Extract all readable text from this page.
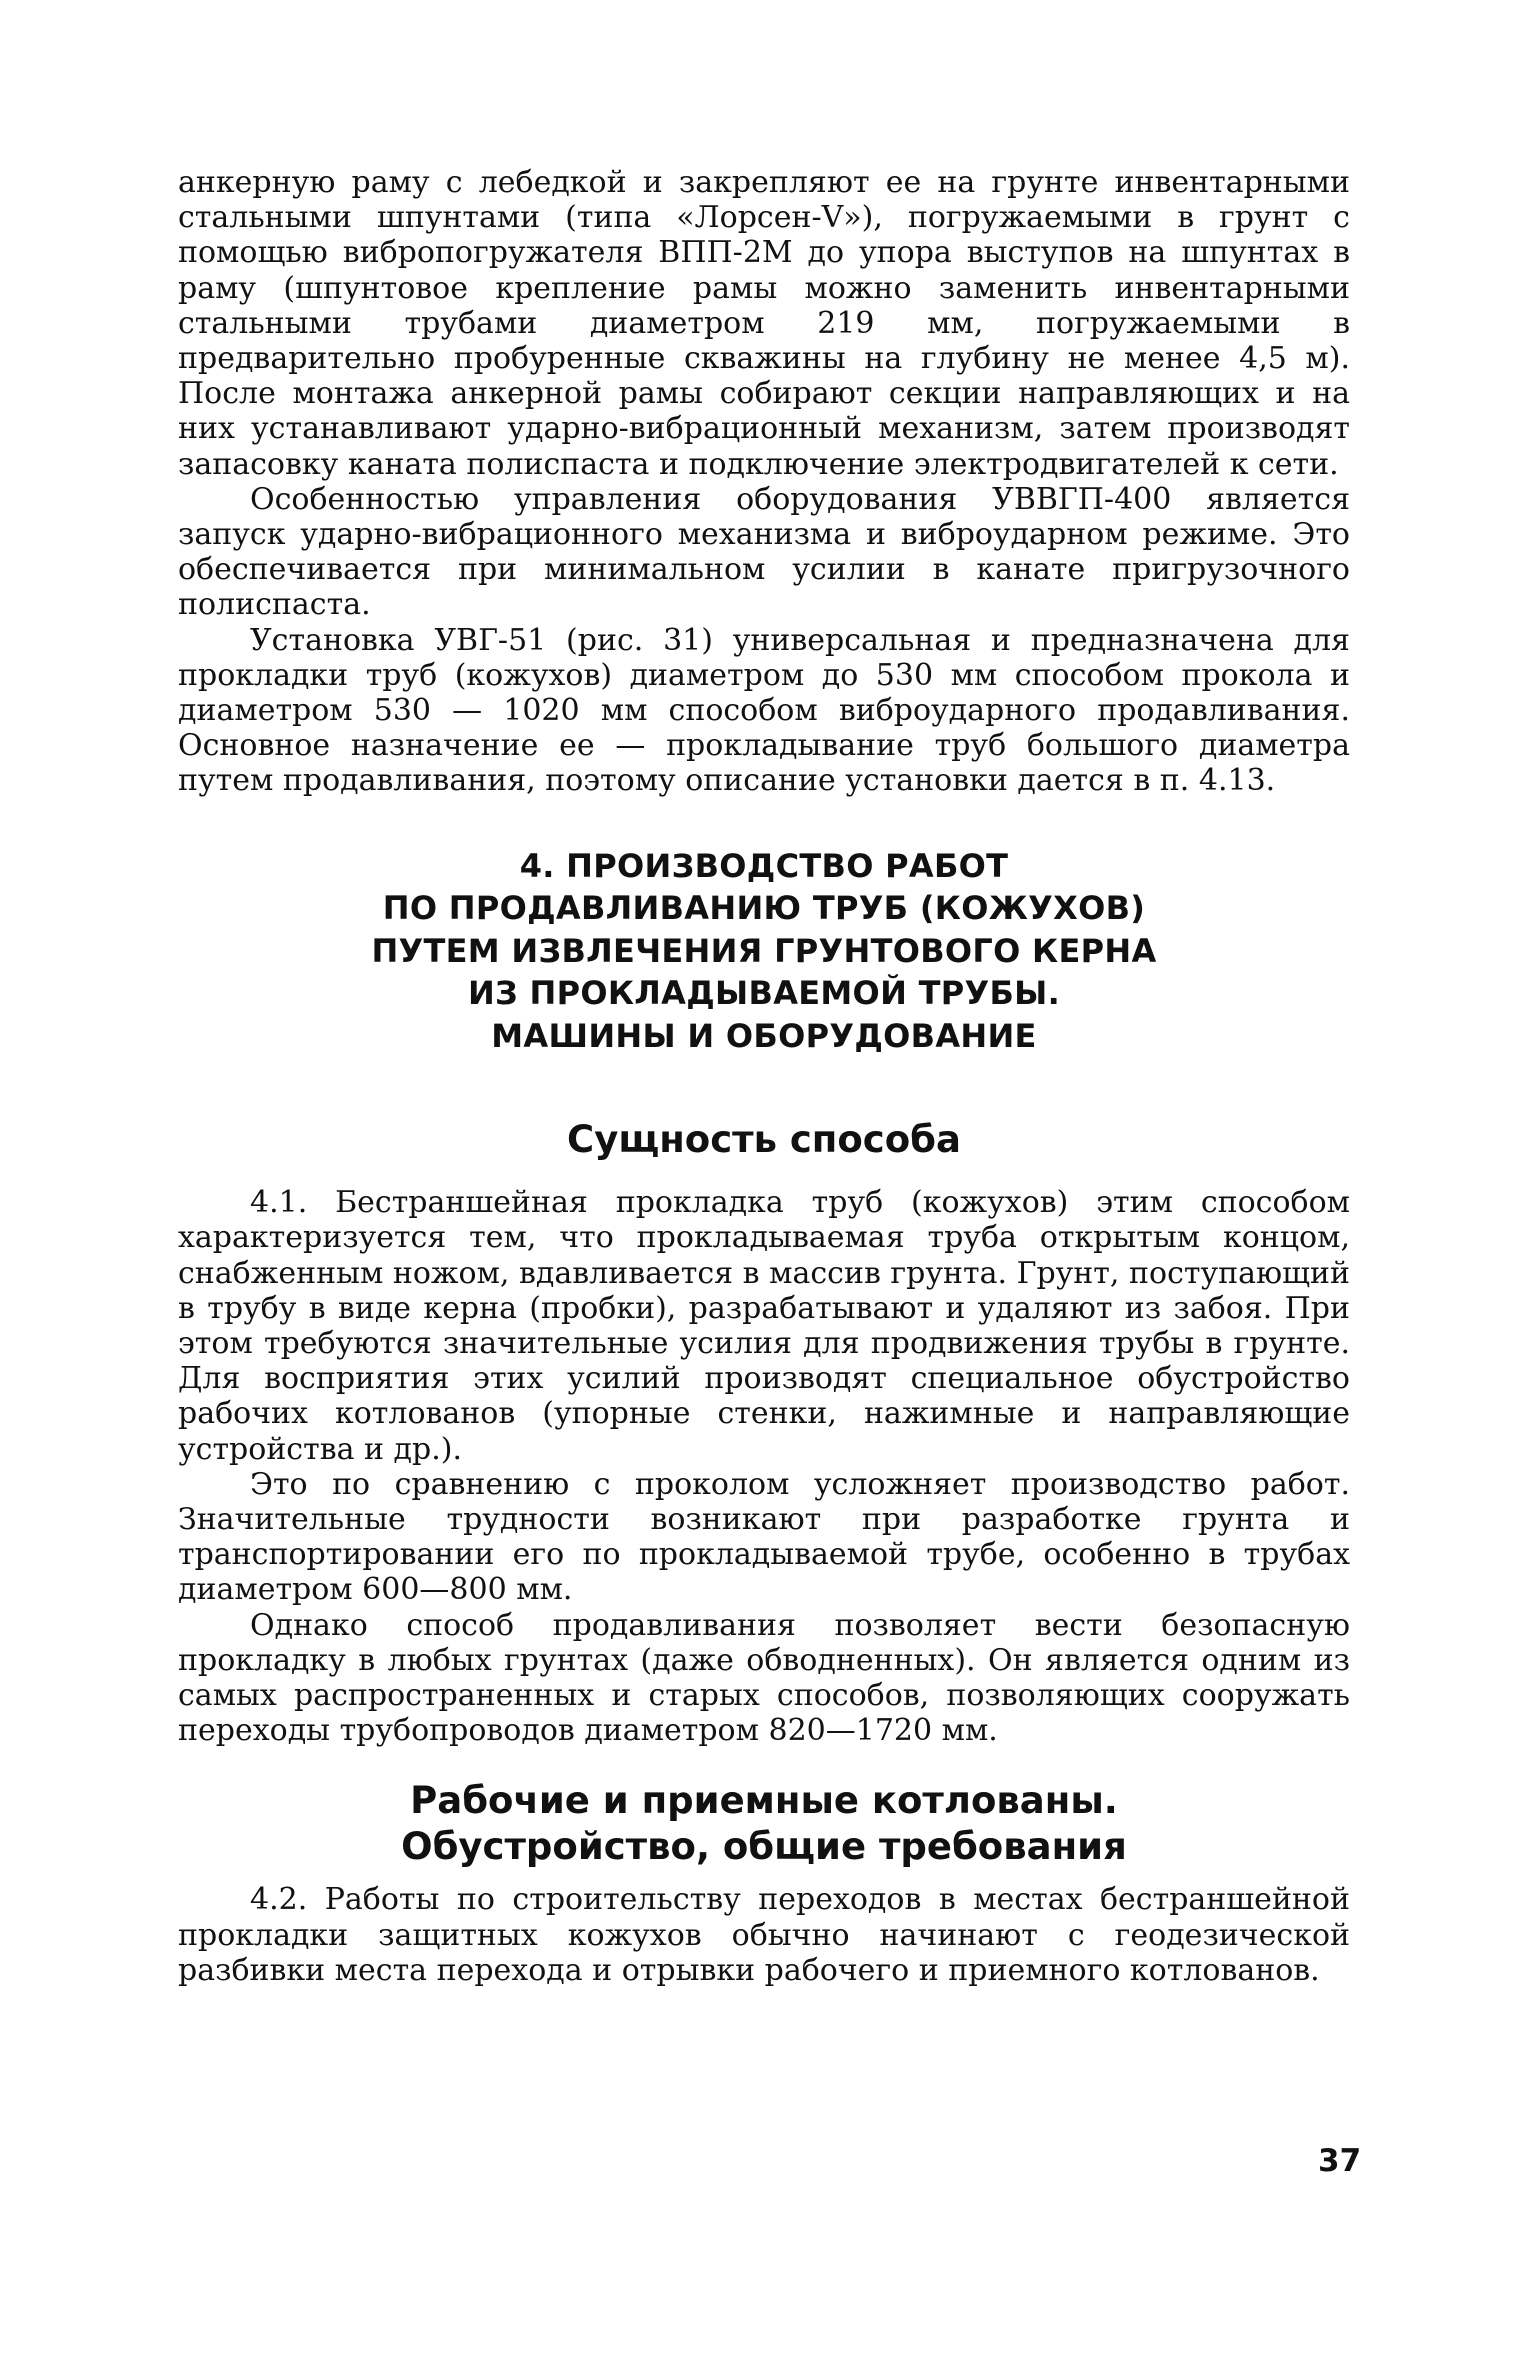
анкерную раму с лебедкой и закрепляют ее на грунте инвентарными стальными шпунтами (типа «Лорсен-V»), погружаемыми в грунт с помощью вибропогружателя ВПП-2М до упора выступов на шпунтах в раму (шпунтовое крепление рамы можно заменить инвентарными стальными трубами диаметром 219 мм, погружаемыми в предварительно пробуренные скважины на глубину не менее 4,5 м). После монтажа анкерной рамы собирают секции направляющих и на них устанавливают ударно-вибрационный механизм, затем производят запасовку каната полиспаста и подключение электродвигателей к сети.

Особенностью управления оборудования УВВГП-400 является запуск ударно-вибрационного механизма и виброударном режиме. Это обеспечивается при минимальном усилии в канате пригрузочного полиспаста.

Установка УВГ-51 (рис. 31) универсальная и предназначена для прокладки труб (кожухов) диаметром до 530 мм способом прокола и диаметром 530 — 1020 мм способом виброударного продавливания. Основное назначение ее — прокладывание труб большого диаметра путем продавливания, поэтому описание установки дается в п. 4.13.

4. ПРОИЗВОДСТВО РАБОТ
ПО ПРОДАВЛИВАНИЮ ТРУБ (КОЖУХОВ)
ПУТЕМ ИЗВЛЕЧЕНИЯ ГРУНТОВОГО КЕРНА
ИЗ ПРОКЛАДЫВАЕМОЙ ТРУБЫ.
МАШИНЫ И ОБОРУДОВАНИЕ
Сущность способа

4.1. Бестраншейная прокладка труб (кожухов) этим способом характеризуется тем, что прокладываемая труба открытым концом, снабженным ножом, вдавливается в массив грунта. Грунт, поступающий в трубу в виде керна (пробки), разрабатывают и удаляют из забоя. При этом требуются значительные усилия для продвижения трубы в грунте. Для восприятия этих усилий производят специальное обустройство рабочих котлованов (упорные стенки, нажимные и направляющие устройства и др.).

Это по сравнению с проколом усложняет производство работ. Значительные трудности возникают при разработке грунта и транспортировании его по прокладываемой трубе, особенно в трубах диаметром 600—800 мм.

Однако способ продавливания позволяет вести безопасную прокладку в любых грунтах (даже обводненных). Он является одним из самых распространенных и старых способов, позволяющих сооружать переходы трубопроводов диаметром 820—1720 мм.

Рабочие и приемные котлованы.
Обустройство, общие требования

4.2. Работы по строительству переходов в местах бестраншейной прокладки защитных кожухов обычно начинают с геодезической разбивки места перехода и отрывки рабочего и приемного котлованов.

37
